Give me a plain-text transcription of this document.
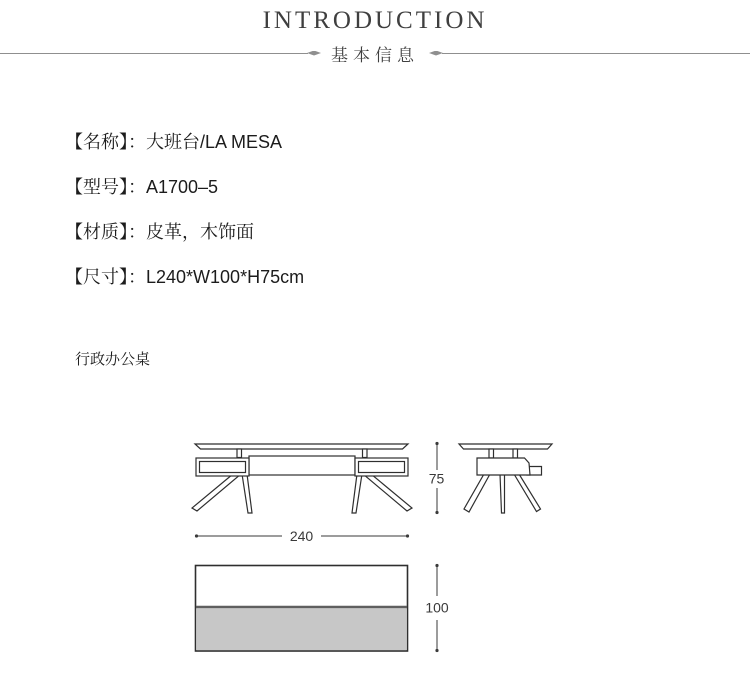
INTRODUCTION
基本信息
【名称】：大班台/LA MESA
【型号】：A1700–5
【材质】：皮革，木饰面
【尺寸】：L240*W100*H75cm
行政办公桌
75
240
100
